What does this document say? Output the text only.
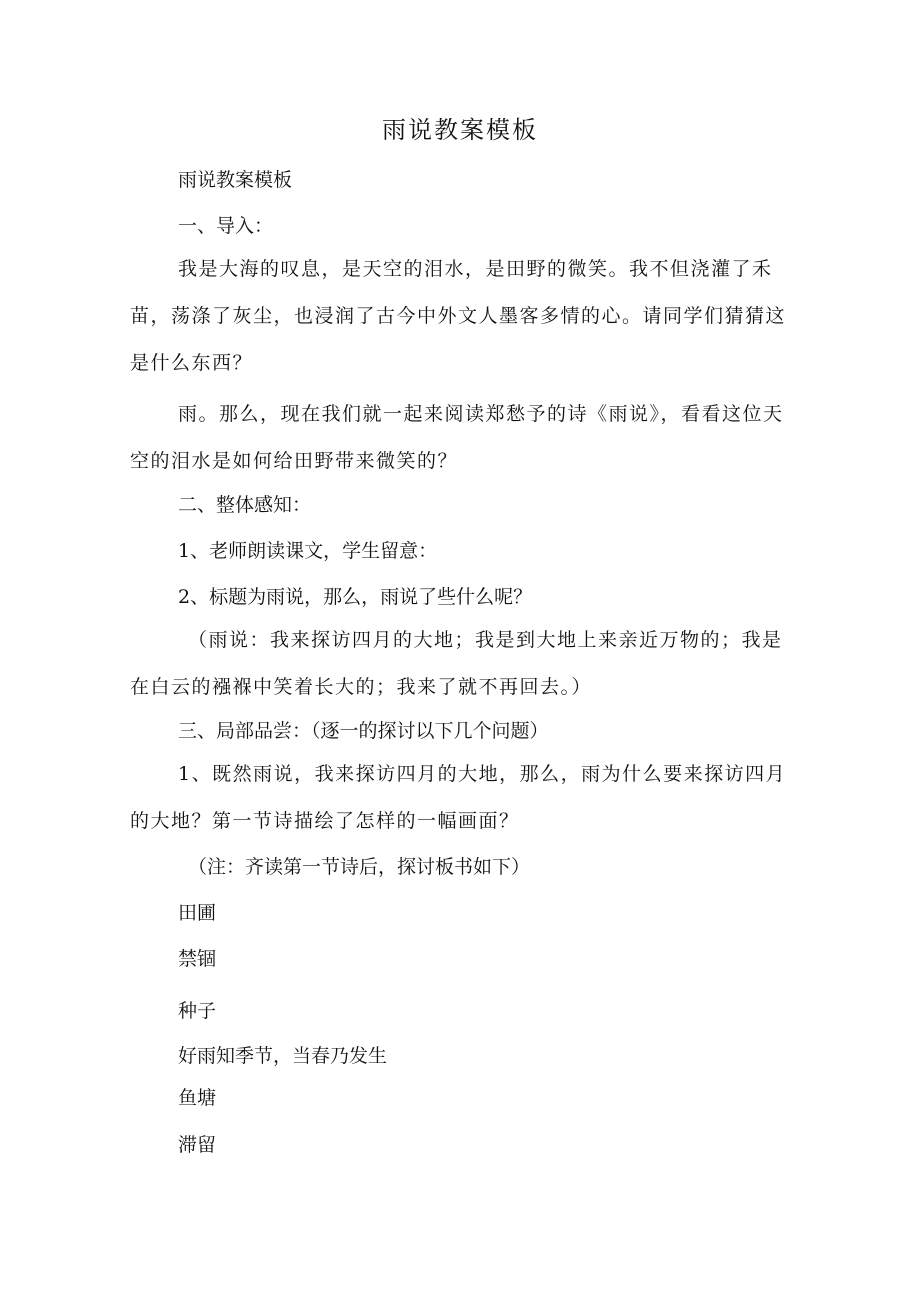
雨说教案模板
雨说教案模板
一、导入：
我是大海的叹息，是天空的泪水，是田野的微笑。我不但浇灌了禾苗，荡涤了灰尘，也浸润了古今中外文人墨客多情的心。请同学们猜猜这是什么东西？
雨。那么，现在我们就一起来阅读郑愁予的诗《雨说》，看看这位天空的泪水是如何给田野带来微笑的？
二、整体感知：
1、老师朗读课文，学生留意：
2、标题为雨说，那么，雨说了些什么呢？
（雨说：我来探访四月的大地；我是到大地上来亲近万物的；我是在白云的襁褓中笑着长大的；我来了就不再回去。）
三、局部品尝：（逐一的探讨以下几个问题）
1、既然雨说，我来探访四月的大地，那么，雨为什么要来探访四月的大地？第一节诗描绘了怎样的一幅画面？
（注：齐读第一节诗后，探讨板书如下）
田圃
禁锢
种子
好雨知季节，当春乃发生
鱼塘
滞留
